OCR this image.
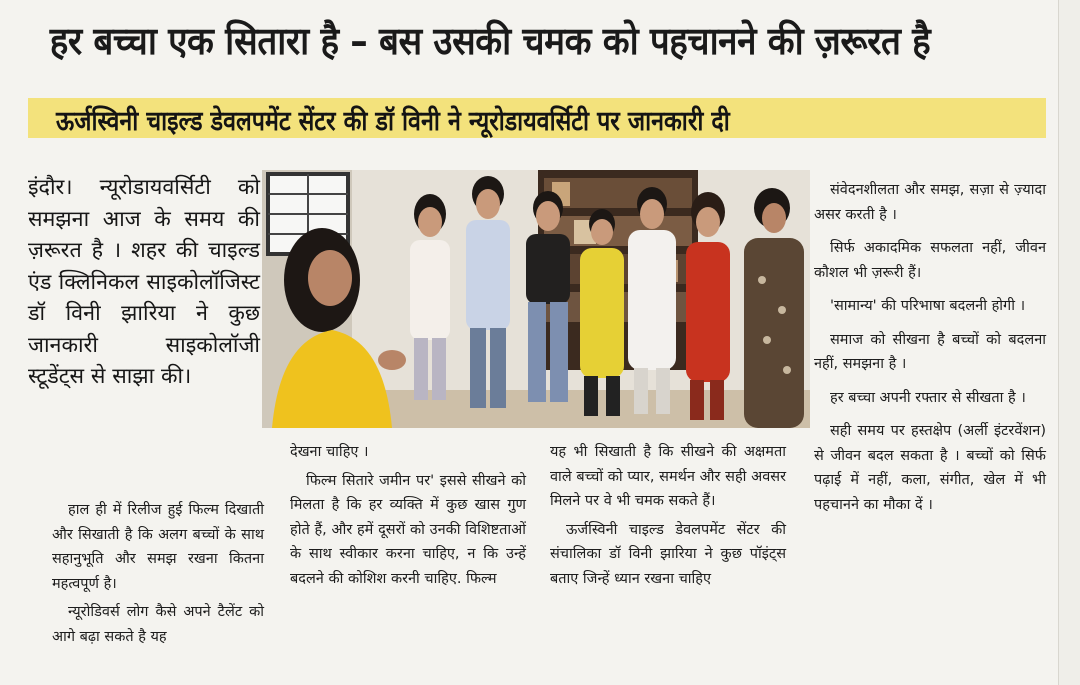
हर बच्चा एक सितारा है – बस उसकी चमक को पहचानने की ज़रूरत है
ऊर्जस्विनी चाइल्ड डेवलपमेंट सेंटर की डॉ विनी ने न्यूरोडायवर्सिटी पर जानकारी दी

इंदौर। न्यूरोडायवर्सिटी को समझना आज के समय की ज़रूरत है । शहर की चाइल्ड एंड क्लिनिकल साइकोलॉजिस्ट डॉ विनी झारिया ने कुछ जानकारी साइकोलॉजी स्टूडेंट्स से साझा की।

हाल ही में रिलीज हुई फिल्म दिखाती और सिखाती है कि अलग बच्चों के साथ सहानुभूति और समझ रखना कितना महत्वपूर्ण है।

न्यूरोडिवर्स लोग कैसे अपने टैलेंट को आगे बढ़ा सकते है यह

देखना चाहिए ।

फिल्म सितारे जमीन पर' इससे सीखने को मिलता है कि हर व्यक्ति में कुछ खास गुण होते हैं, और हमें दूसरों को उनकी विशिष्टताओं के साथ स्वीकार करना चाहिए, न कि उन्हें बदलने की कोशिश करनी चाहिए. फिल्म

यह भी सिखाती है कि सीखने की अक्षमता वाले बच्चों को प्यार, समर्थन और सही अवसर मिलने पर वे भी चमक सकते हैं।

ऊर्जस्विनी चाइल्ड डेवलपमेंट सेंटर की संचालिका डॉ विनी झारिया ने कुछ पॉइंट्स बताए जिन्हें ध्यान रखना चाहिए

संवेदनशीलता और समझ, सज़ा से ज़्यादा असर करती है ।

सिर्फ अकादमिक सफलता नहीं, जीवन कौशल भी ज़रूरी हैं।

'सामान्य' की परिभाषा बदलनी होगी ।

समाज को सीखना है बच्चों को बदलना नहीं, समझना है ।

हर बच्चा अपनी रफ्तार से सीखता है ।

सही समय पर हस्तक्षेप (अर्ली इंटरवेंशन) से जीवन बदल सकता है । बच्चों को सिर्फ पढ़ाई में नहीं, कला, संगीत, खेल में भी पहचानने का मौका दें ।
